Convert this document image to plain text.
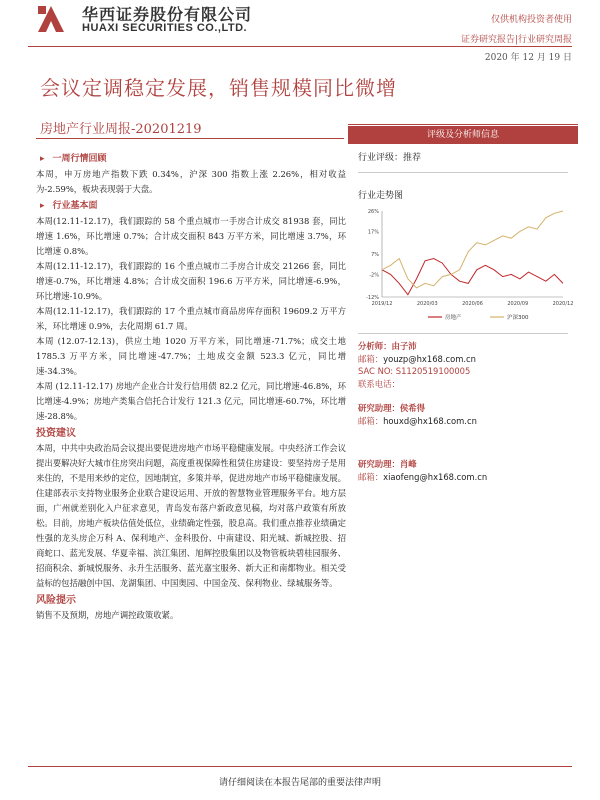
华西证券股份有限公司
HUAXI SECURITIES CO.,LTD.
仅供机构投资者使用
证券研究报告|行业研究周报
2020 年 12 月 19 日
会议定调稳定发展，销售规模同比微增
房地产行业周报-20201219
▸ 一周行情回顾

本周，申万房地产指数下跌 0.34%，沪深 300 指数上涨 2.26%，相对收益为-2.59%，板块表现弱于大盘。

▸ 行业基本面

本周(12.11-12.17)，我们跟踪的 58 个重点城市一手房合计成交 81938 套，同比增速 1.6%，环比增速 0.7%；合计成交面积 843 万平方米，同比增速 3.7%，环比增速 0.8%。

本周(12.11-12.17)，我们跟踪的 16 个重点城市二手房合计成交 21266 套，同比增速-0.7%，环比增速 4.8%；合计成交面积 196.6 万平方米，同比增速-6.9%，环比增速-10.9%。

本周(12.11-12.17)，我们跟踪的 17 个重点城市商品房库存面积 19609.2 万平方米，环比增速 0.9%，去化周期 61.7 周。

本周 (12.07-12.13)，供应土地 1020 万平方米，同比增速-71.7%；成交土地 1785.3 万平方米，同比增速-47.7%；土地成交金额 523.3 亿元，同比增速-34.3%。

本周 (12.11-12.17) 房地产企业合计发行信用债 82.2 亿元，同比增速-46.8%，环比增速-4.9%；房地产类集合信托合计发行 121.3 亿元，同比增速-60.7%，环比增速-28.8%。

投资建议

本周，中共中央政治局会议提出要促进房地产市场平稳健康发展。中央经济工作会议提出要解决好大城市住房突出问题，高度重视保障性租赁住房建设：要坚持房子是用来住的，不是用来炒的定位，因地制宜，多策并举，促进房地产市场平稳健康发展。住建部表示支持物业服务企业联合建设运用、开放的智慧物业管理服务平台。地方层面，广州就差别化入户征求意见，青岛发布落户新政意见稿，均对落户政策有所放松。目前，房地产板块估值处低位，业绩确定性强，股息高。我们重点推荐业绩确定性强的龙头房企万科 A、保利地产、金科股份、中南建设、阳光城、新城控股、招商蛇口、蓝光发展、华夏幸福、滨江集团、旭辉控股集团以及物管板块碧桂园服务、招商积余、新城悦服务、永升生活服务、蓝光嘉宝服务、新大正和南都物业。相关受益标的包括融创中国、龙湖集团、中国奥园、中国金茂、保利物业、绿城服务等。

风险提示

销售不及预期，房地产调控政策收紧。

评级及分析师信息
行业评级：推荐
行业走势图
-12%
-2%
7%
17%
26%
2019/12	2020/03	2020/06	2020/09	2020/12
房地产	沪深300
分析师：由子沛
邮箱：youzp@hx168.com.cn
SAC NO: S1120519100005
联系电话：
研究助理：侯希得
邮箱：houxd@hx168.com.cn
研究助理：肖峰
邮箱：xiaofeng@hx168.com.cn
请仔细阅读在本报告尾部的重要法律声明
